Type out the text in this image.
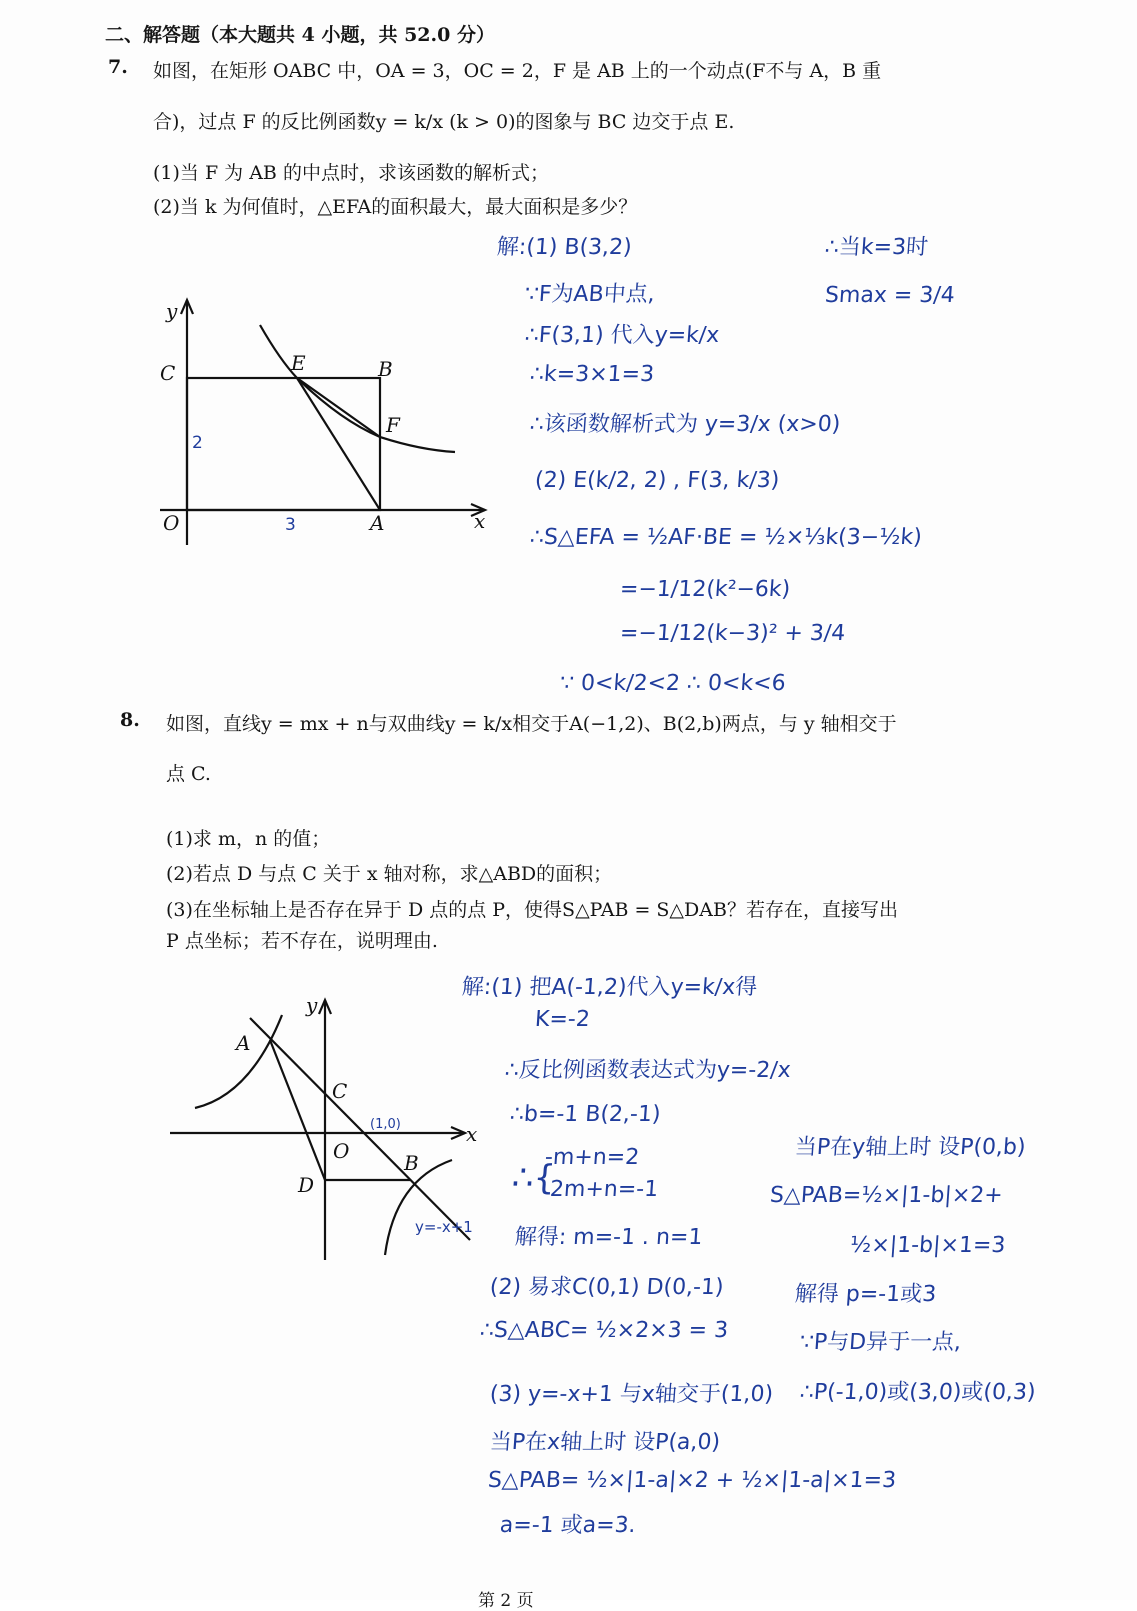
二、解答题（本大题共 4 小题，共 52.0 分）
7. 如图，在矩形 OABC 中，OA = 3，OC = 2，F 是 AB 上的一个动点(F不与 A，B 重
合)，过点 F 的反比例函数y = k/x (k > 0)的图象与 BC 边交于点 E.
(1)当 F 为 AB 的中点时，求该函数的解析式；
(2)当 k 为何值时，△EFA的面积最大，最大面积是多少？
y
x
O	A
B
C	E
F
2
3
y
x
O
A
B
C
D
(1,0)
y=-x+1
解:(1) B(3,2)
∵F为AB中点,
∴F(3,1) 代入y=k/x
∴k=3×1=3
∴该函数解析式为 y=3/x (x>0)
(2) E(k/2, 2) , F(3, k/3)
∴S△EFA = ½AF·BE = ½×⅓k(3−½k)
=−1/12(k²−6k)
=−1/12(k−3)² + 3/4
∵ 0<k/2<2 ∴ 0<k<6
∴当k=3时
Smax = 3/4
8. 如图，直线y = mx + n与双曲线y = k/x相交于A(−1,2)、B(2,b)两点，与 y 轴相交于
点 C.
(1)求 m，n 的值；
(2)若点 D 与点 C 关于 x 轴对称，求△ABD的面积；
(3)在坐标轴上是否存在异于 D 点的点 P，使得S△PAB = S△DAB？若存在，直接写出
P 点坐标；若不存在，说明理由.
解:(1) 把A(-1,2)代入y=k/x得
K=-2
∴反比例函数表达式为y=-2/x
∴b=-1 B(2,-1)
∴{
-m+n=2
2m+n=-1
解得: m=-1 . n=1
(2) 易求C(0,1) D(0,-1)
∴S△ABC= ½×2×3 = 3
(3) y=-x+1 与x轴交于(1,0)
当P在x轴上时 设P(a,0)
S△PAB= ½×|1-a|×2 + ½×|1-a|×1=3
a=-1 或a=3.
当P在y轴上时 设P(0,b)
S△PAB=½×|1-b|×2+
½×|1-b|×1=3
解得 p=-1或3
∵P与D异于一点,
∴P(-1,0)或(3,0)或(0,3)
第 2 页
